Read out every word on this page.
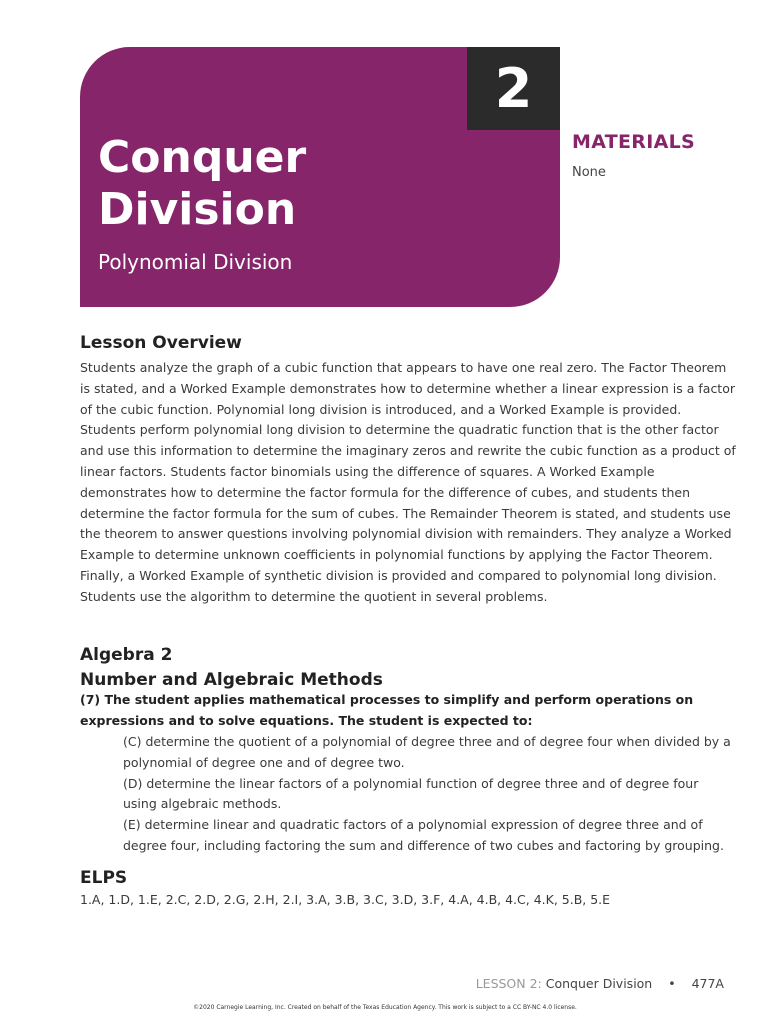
2
Conquer
Division
Polynomial Division
MATERIALS
None
Lesson Overview
Students analyze the graph of a cubic function that appears to have one real zero. The Factor Theorem is stated, and a Worked Example demonstrates how to determine whether a linear expression is a factor of the cubic function. Polynomial long division is introduced, and a Worked Example is provided. Students perform polynomial long division to determine the quadratic function that is the other factor and use this information to determine the imaginary zeros and rewrite the cubic function as a product of linear factors. Students factor binomials using the difference of squares. A Worked Example demonstrates how to determine the factor formula for the difference of cubes, and students then determine the factor formula for the sum of cubes. The Remainder Theorem is stated, and students use the theorem to answer questions involving polynomial division with remainders. They analyze a Worked Example to determine unknown coefficients in polynomial functions by applying the Factor Theorem. Finally, a Worked Example of synthetic division is provided and compared to polynomial long division. Students use the algorithm to determine the quotient in several problems.
Algebra 2
Number and Algebraic Methods
(7) The student applies mathematical processes to simplify and perform operations on expressions and to solve equations. The student is expected to:
(C) determine the quotient of a polynomial of degree three and of degree four when divided by a polynomial of degree one and of degree two.
(D) determine the linear factors of a polynomial function of degree three and of degree four using algebraic methods.
(E) determine linear and quadratic factors of a polynomial expression of degree three and of degree four, including factoring the sum and difference of two cubes and factoring by grouping.
ELPS
1.A, 1.D, 1.E, 2.C, 2.D, 2.G, 2.H, 2.I, 3.A, 3.B, 3.C, 3.D, 3.F, 4.A, 4.B, 4.C, 4.K, 5.B, 5.E
LESSON 2: Conquer Division • 477A
©2020 Carnegie Learning, Inc. Created on behalf of the Texas Education Agency. This work is subject to a CC BY-NC 4.0 license.
